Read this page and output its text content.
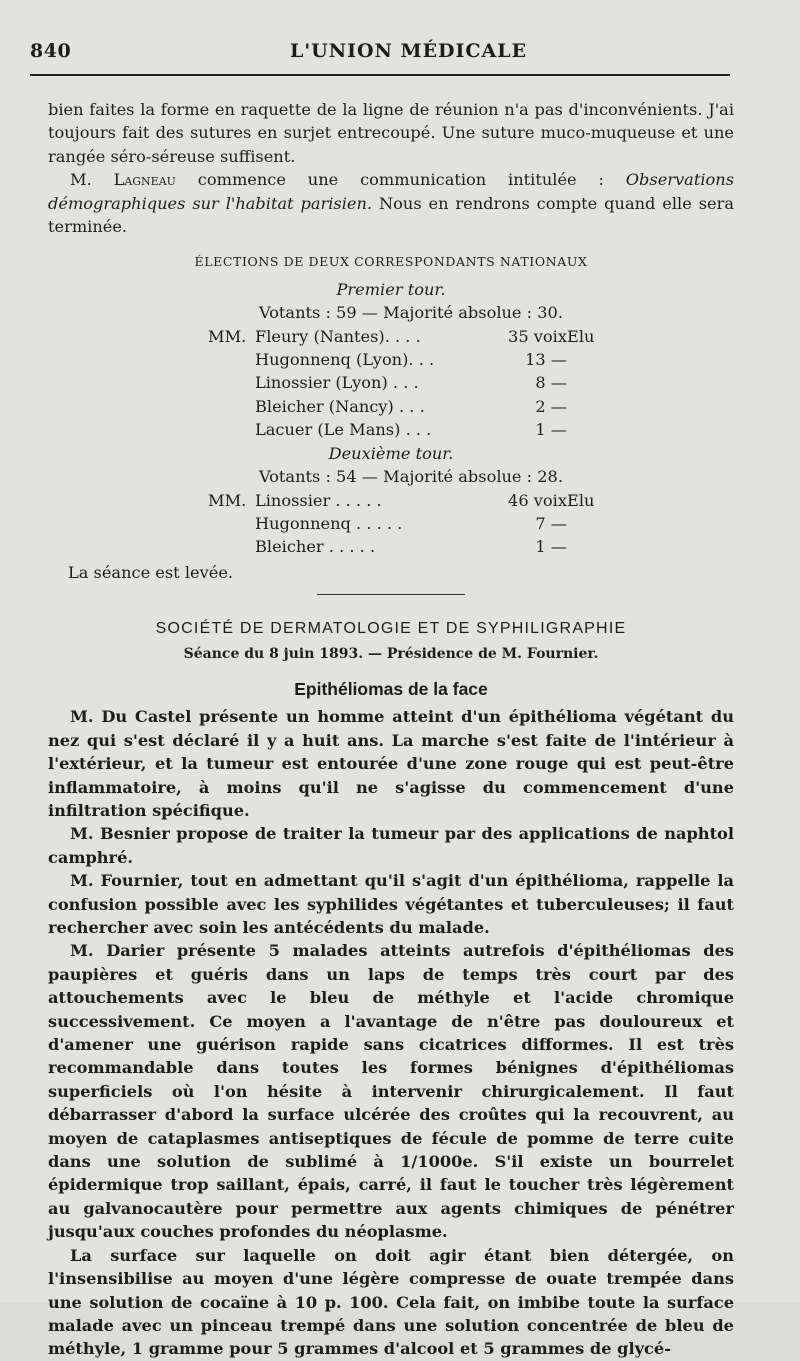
840	L'UNION MÉDICALE

bien faites la forme en raquette de la ligne de réunion n'a pas d'inconvénients. J'ai toujours fait des sutures en surjet entrecoupé. Une suture muco-muqueuse et une rangée séro-séreuse suffisent.

M. Lagneau commence une communication intitulée : Observations démographiques sur l'habitat parisien. Nous en rendrons compte quand elle sera terminée.

ÉLECTIONS DE DEUX CORRESPONDANTS NATIONAUX
Premier tour.
Votants : 59 — Majorité absolue : 30.
MM.	Fleury (Nantes). . . .	35 voix	Elu
	Hugonnenq (Lyon). . .	13 —	
	Linossier (Lyon) . . .	8 —	
	Bleicher (Nancy) . . .	2 —	
	Lacuer (Le Mans) . . .	1 —	
Deuxième tour.
Votants : 54 — Majorité absolue : 28.
MM.	Linossier . . . . .	46 voix	Elu
	Hugonnenq . . . . .	7 —	
	Bleicher . . . . .	1 —	
La séance est levée.
SOCIÉTÉ DE DERMATOLOGIE ET DE SYPHILIGRAPHIE
Séance du 8 juin 1893. — Présidence de M. Fournier.
Epithéliomas de la face

M. Du Castel présente un homme atteint d'un épithélioma végétant du nez qui s'est déclaré il y a huit ans. La marche s'est faite de l'intérieur à l'extérieur, et la tumeur est entourée d'une zone rouge qui est peut-être inflammatoire, à moins qu'il ne s'agisse du commencement d'une infiltration spécifique.

M. Besnier propose de traiter la tumeur par des applications de naphtol camphré.

M. Fournier, tout en admettant qu'il s'agit d'un épithélioma, rappelle la confusion possible avec les syphilides végétantes et tuberculeuses; il faut rechercher avec soin les antécédents du malade.

M. Darier présente 5 malades atteints autrefois d'épithéliomas des paupières et guéris dans un laps de temps très court par des attouchements avec le bleu de méthyle et l'acide chromique successivement. Ce moyen a l'avantage de n'être pas douloureux et d'amener une guérison rapide sans cicatrices difformes. Il est très recommandable dans toutes les formes bénignes d'épithéliomas superficiels où l'on hésite à intervenir chirurgicalement. Il faut débarrasser d'abord la surface ulcérée des croûtes qui la recouvrent, au moyen de cataplasmes antiseptiques de fécule de pomme de terre cuite dans une solution de sublimé à 1/1000e. S'il existe un bourrelet épidermique trop saillant, épais, carré, il faut le toucher très légèrement au galvanocautère pour permettre aux agents chimiques de pénétrer jusqu'aux couches profondes du néoplasme.

La surface sur laquelle on doit agir étant bien détergée, on l'insensibilise au moyen d'une légère compresse de ouate trempée dans une solution de cocaïne à 10 p. 100. Cela fait, on imbibe toute la surface malade avec un pinceau trempé dans une solution concentrée de bleu de méthyle, 1 gramme pour 5 grammes d'alcool et 5 grammes de glycé-
